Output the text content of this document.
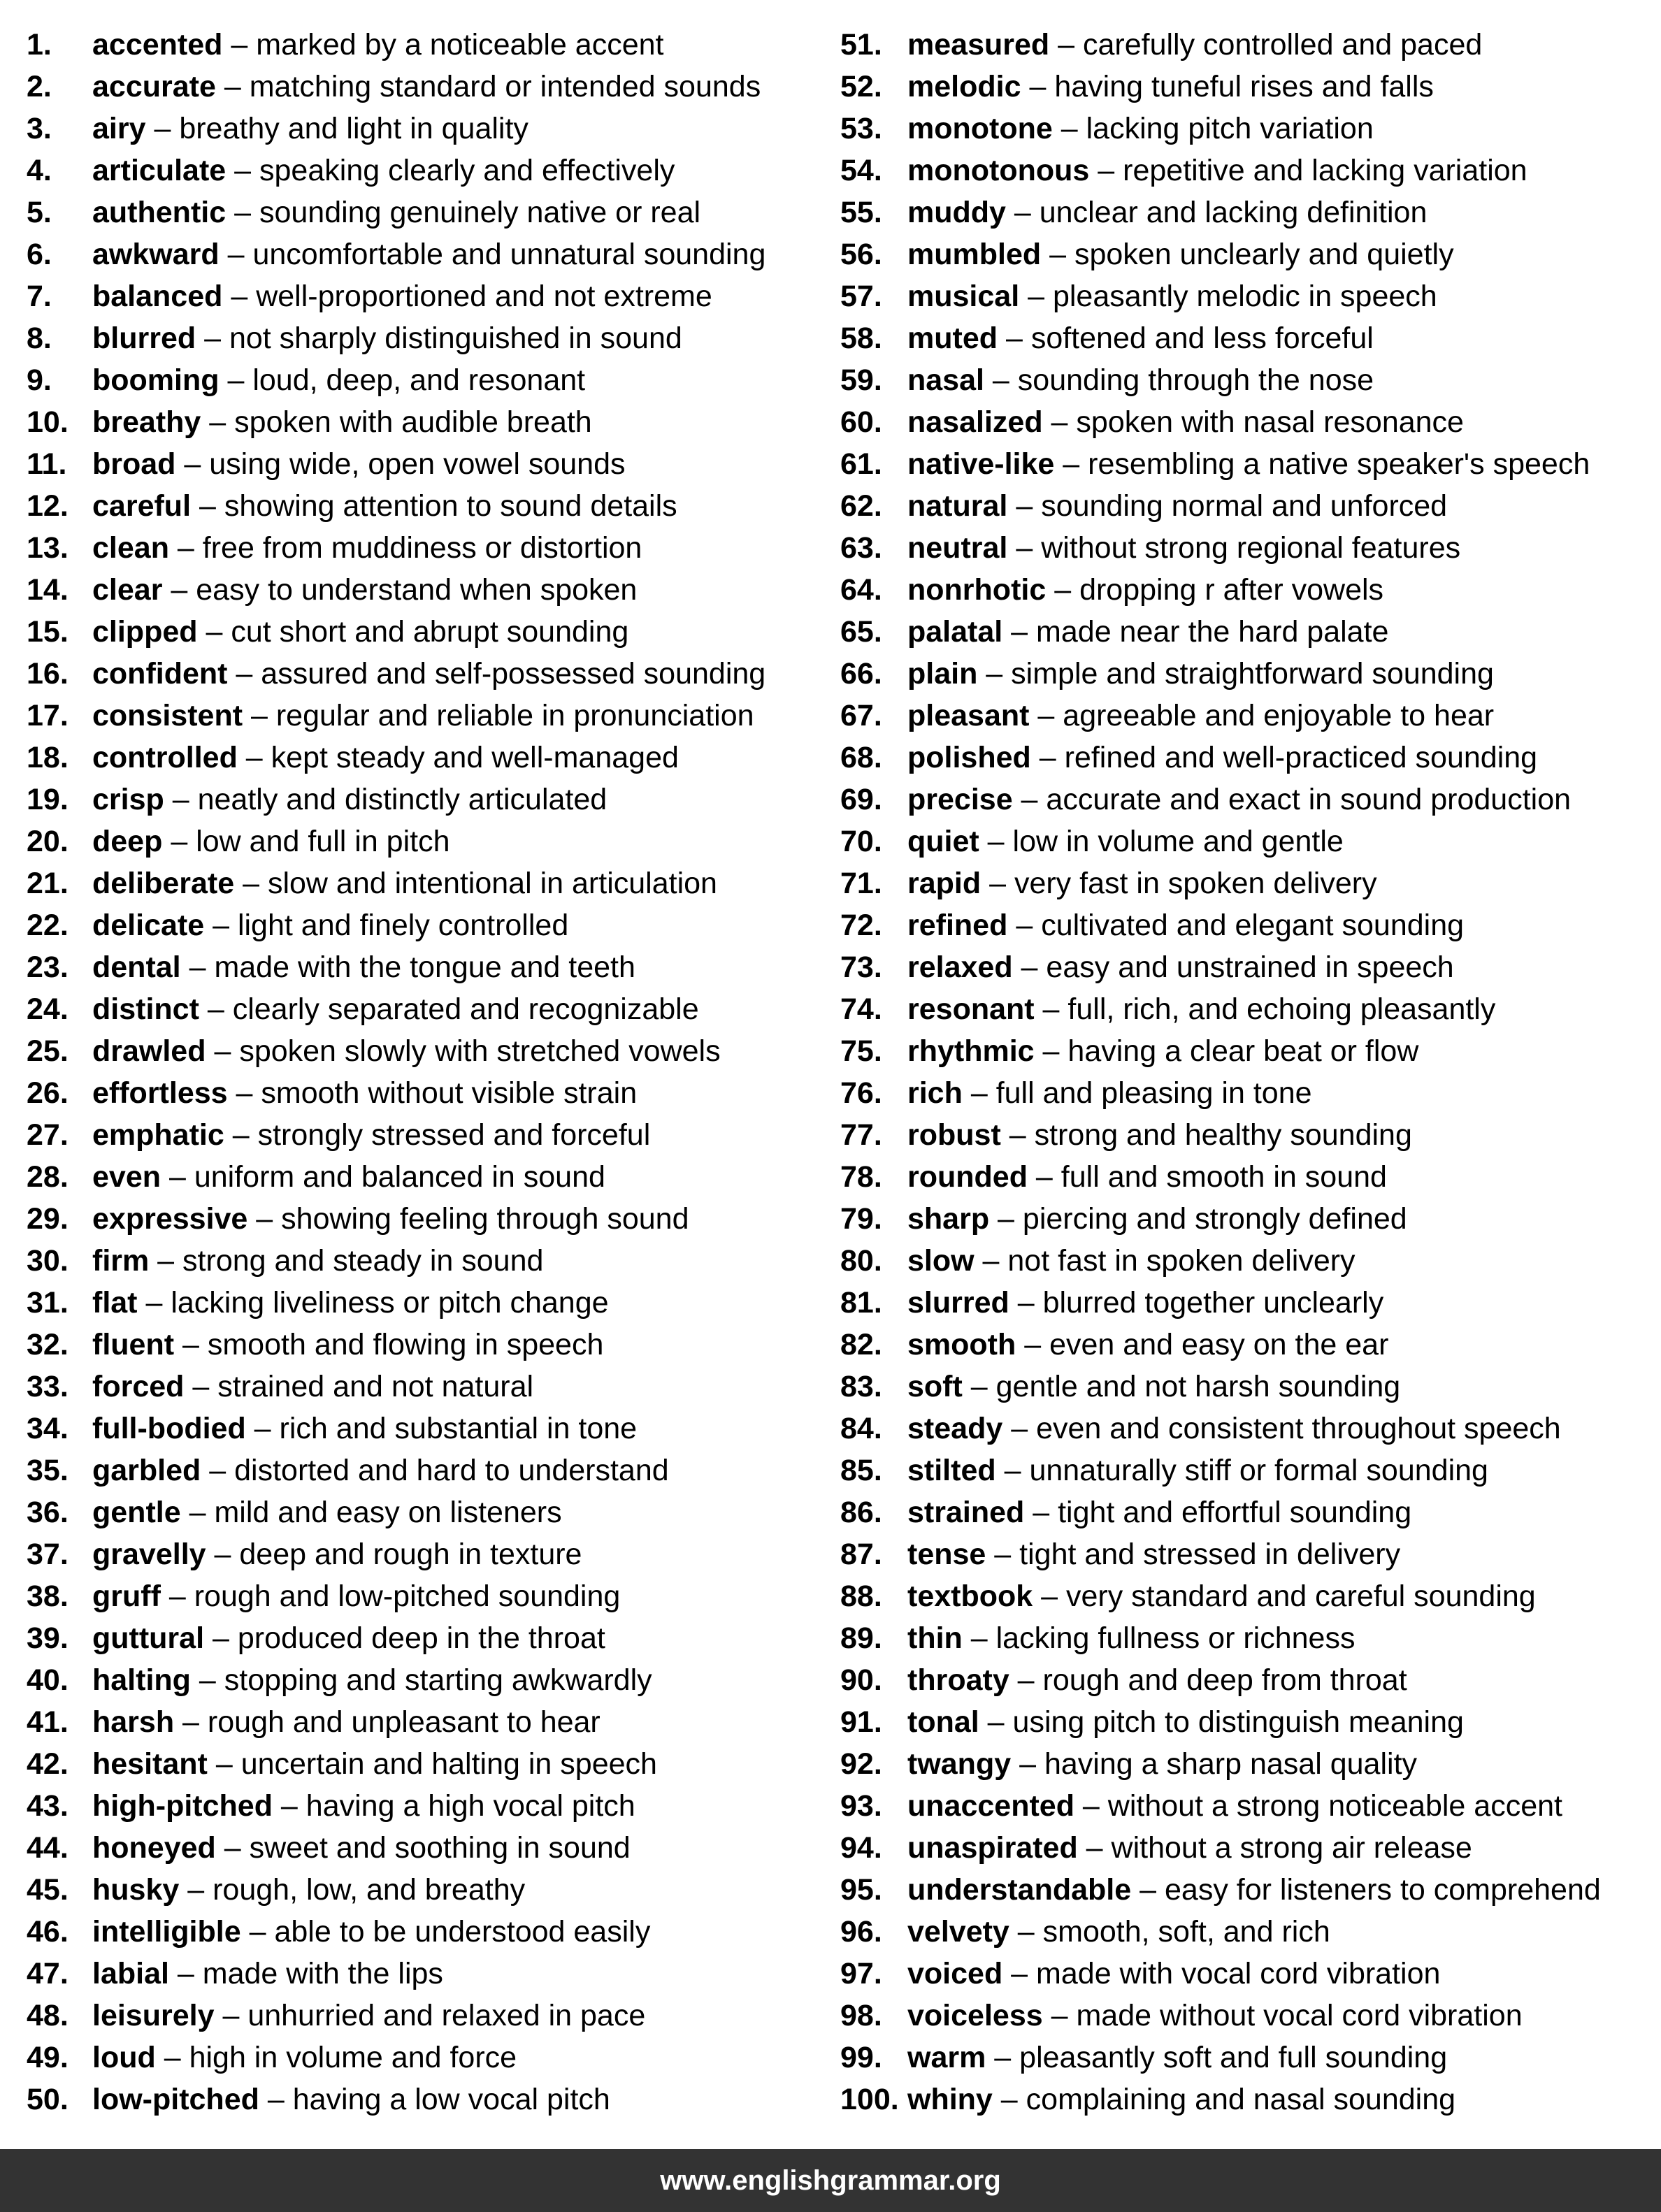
1. accented – marked by a noticeable accent
2. accurate – matching standard or intended sounds
3. airy – breathy and light in quality
4. articulate – speaking clearly and effectively
5. authentic – sounding genuinely native or real
6. awkward – uncomfortable and unnatural sounding
7. balanced – well-proportioned and not extreme
8. blurred – not sharply distinguished in sound
9. booming – loud, deep, and resonant
10. breathy – spoken with audible breath
11. broad – using wide, open vowel sounds
12. careful – showing attention to sound details
13. clean – free from muddiness or distortion
14. clear – easy to understand when spoken
15. clipped – cut short and abrupt sounding
16. confident – assured and self-possessed sounding
17. consistent – regular and reliable in pronunciation
18. controlled – kept steady and well-managed
19. crisp – neatly and distinctly articulated
20. deep – low and full in pitch
21. deliberate – slow and intentional in articulation
22. delicate – light and finely controlled
23. dental – made with the tongue and teeth
24. distinct – clearly separated and recognizable
25. drawled – spoken slowly with stretched vowels
26. effortless – smooth without visible strain
27. emphatic – strongly stressed and forceful
28. even – uniform and balanced in sound
29. expressive – showing feeling through sound
30. firm – strong and steady in sound
31. flat – lacking liveliness or pitch change
32. fluent – smooth and flowing in speech
33. forced – strained and not natural
34. full-bodied – rich and substantial in tone
35. garbled – distorted and hard to understand
36. gentle – mild and easy on listeners
37. gravelly – deep and rough in texture
38. gruff – rough and low-pitched sounding
39. guttural – produced deep in the throat
40. halting – stopping and starting awkwardly
41. harsh – rough and unpleasant to hear
42. hesitant – uncertain and halting in speech
43. high-pitched – having a high vocal pitch
44. honeyed – sweet and soothing in sound
45. husky – rough, low, and breathy
46. intelligible – able to be understood easily
47. labial – made with the lips
48. leisurely – unhurried and relaxed in pace
49. loud – high in volume and force
50. low-pitched – having a low vocal pitch
51. measured – carefully controlled and paced
52. melodic – having tuneful rises and falls
53. monotone – lacking pitch variation
54. monotonous – repetitive and lacking variation
55. muddy – unclear and lacking definition
56. mumbled – spoken unclearly and quietly
57. musical – pleasantly melodic in speech
58. muted – softened and less forceful
59. nasal – sounding through the nose
60. nasalized – spoken with nasal resonance
61. native-like – resembling a native speaker's speech
62. natural – sounding normal and unforced
63. neutral – without strong regional features
64. nonrhotic – dropping r after vowels
65. palatal – made near the hard palate
66. plain – simple and straightforward sounding
67. pleasant – agreeable and enjoyable to hear
68. polished – refined and well-practiced sounding
69. precise – accurate and exact in sound production
70. quiet – low in volume and gentle
71. rapid – very fast in spoken delivery
72. refined – cultivated and elegant sounding
73. relaxed – easy and unstrained in speech
74. resonant – full, rich, and echoing pleasantly
75. rhythmic – having a clear beat or flow
76. rich – full and pleasing in tone
77. robust – strong and healthy sounding
78. rounded – full and smooth in sound
79. sharp – piercing and strongly defined
80. slow – not fast in spoken delivery
81. slurred – blurred together unclearly
82. smooth – even and easy on the ear
83. soft – gentle and not harsh sounding
84. steady – even and consistent throughout speech
85. stilted – unnaturally stiff or formal sounding
86. strained – tight and effortful sounding
87. tense – tight and stressed in delivery
88. textbook – very standard and careful sounding
89. thin – lacking fullness or richness
90. throaty – rough and deep from throat
91. tonal – using pitch to distinguish meaning
92. twangy – having a sharp nasal quality
93. unaccented – without a strong noticeable accent
94. unaspirated – without a strong air release
95. understandable – easy for listeners to comprehend
96. velvety – smooth, soft, and rich
97. voiced – made with vocal cord vibration
98. voiceless – made without vocal cord vibration
99. warm – pleasantly soft and full sounding
100. whiny – complaining and nasal sounding
www.englishgrammar.org
